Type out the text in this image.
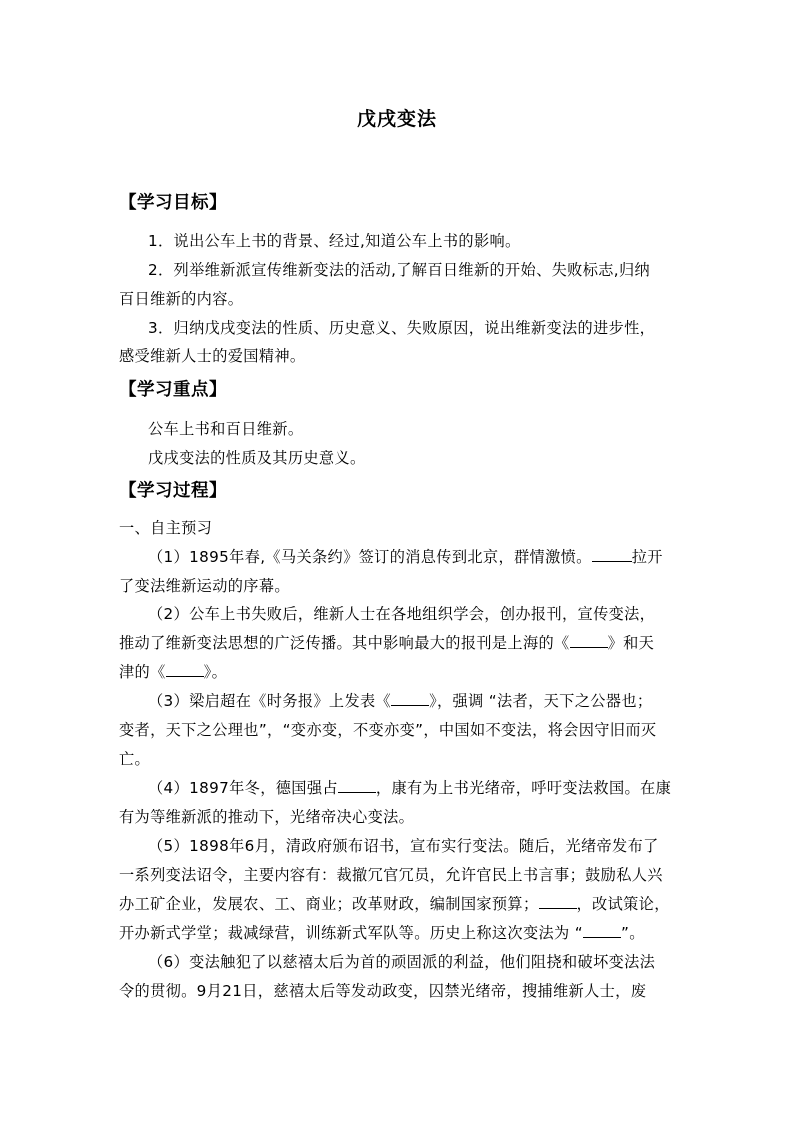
戊戌变法
【学习目标】
1．说出公车上书的背景、经过,知道公车上书的影响。
2．列举维新派宣传维新变法的活动,了解百日维新的开始、失败标志,归纳
百日维新的内容。
3．归纳戊戌变法的性质、历史意义、失败原因，说出维新变法的进步性，
感受维新人士的爱国精神。
【学习重点】
公车上书和百日维新。
戊戌变法的性质及其历史意义。
【学习过程】
一、自主预习
（1）1895年春,《马关条约》签订的消息传到北京，群情激愤。	拉开
了变法维新运动的序幕。
（2）公车上书失败后，维新人士在各地组织学会，创办报刊，宣传变法，
推动了维新变法思想的广泛传播。其中影响最大的报刊是上海的《	》和天
津的《	》。
（3）梁启超在《时务报》上发表《	》，强调 “法者，天下之公器也；
变者，天下之公理也”，“变亦变，不变亦变”，中国如不变法，将会因守旧而灭
亡。
（4）1897年冬，德国强占	，康有为上书光绪帝，呼吁变法救国。在康
有为等维新派的推动下，光绪帝决心变法。
（5）1898年6月，清政府颁布诏书，宣布实行变法。随后，光绪帝发布了
一系列变法诏令，主要内容有：裁撤冗官冗员，允许官民上书言事；鼓励私人兴
办工矿企业，发展农、工、商业；改革财政，编制国家预算；	，改试策论，
开办新式学堂；裁减绿营，训练新式军队等。历史上称这次变法为 “	”。
（6）变法触犯了以慈禧太后为首的顽固派的利益，他们阻挠和破坏变法法
令的贯彻。9月21日，慈禧太后等发动政变，囚禁光绪帝，搜捕维新人士，废
